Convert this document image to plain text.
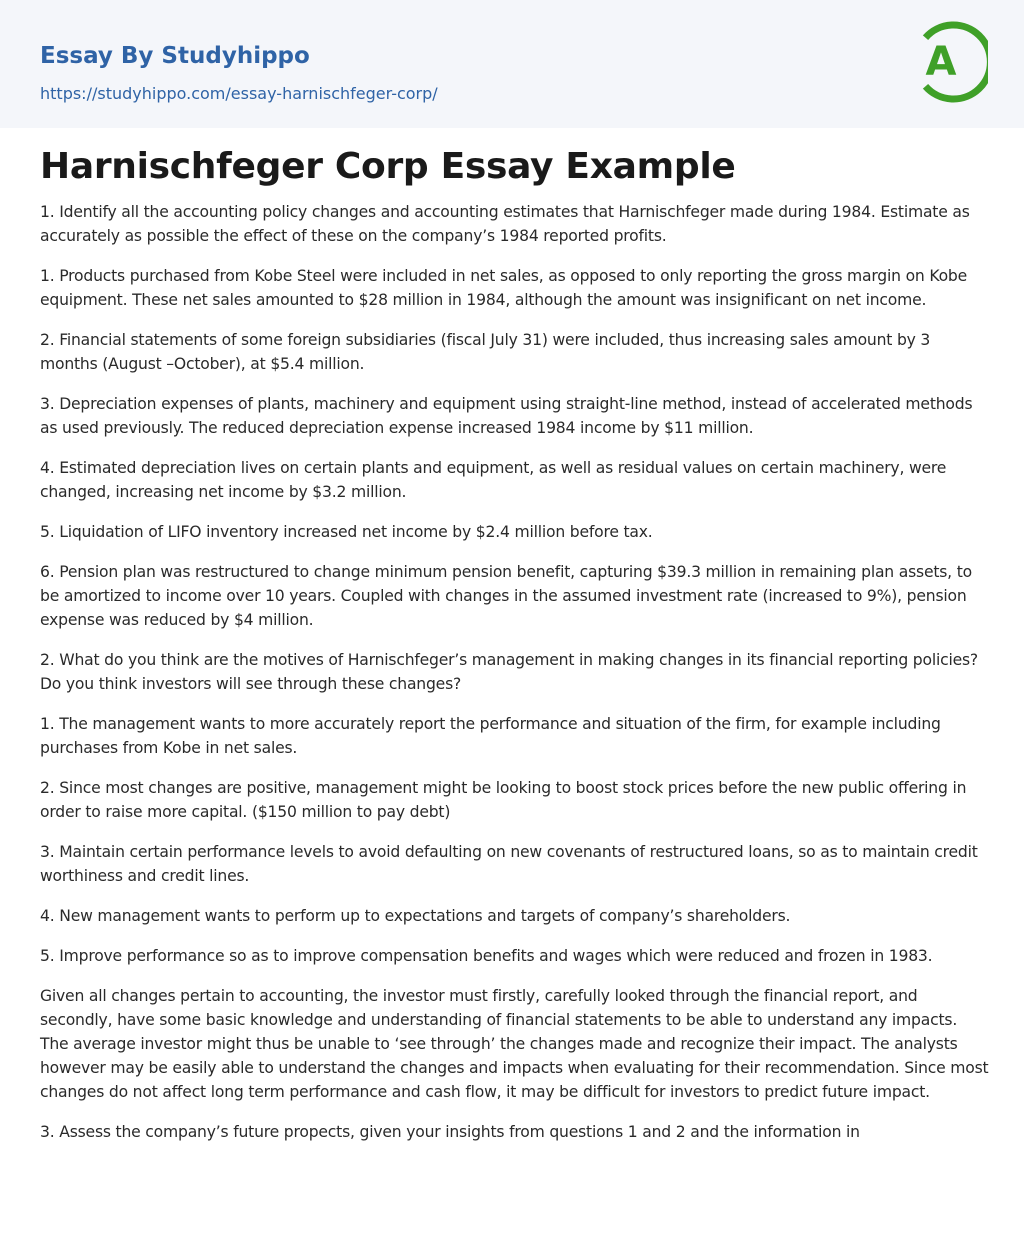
Essay By Studyhippo
https://studyhippo.com/essay-harnischfeger-corp/
A
Harnischfeger Corp Essay Example

1. Identify all the accounting policy changes and accounting estimates that Harnischfeger made during 1984. Estimate as accurately as possible the effect of these on the company’s 1984 reported profits.

1. Products purchased from Kobe Steel were included in net sales, as opposed to only reporting the gross margin on Kobe equipment. These net sales amounted to $28 million in 1984, although the amount was insignificant on net income.

2. Financial statements of some foreign subsidiaries (fiscal July 31) were included, thus increasing sales amount by 3 months (August –October), at $5.4 million.

3. Depreciation expenses of plants, machinery and equipment using straight-line method, instead of accelerated methods as used previously. The reduced depreciation expense increased 1984 income by $11 million.

4. Estimated depreciation lives on certain plants and equipment, as well as residual values on certain machinery, were changed, increasing net income by $3.2 million.

5. Liquidation of LIFO inventory increased net income by $2.4 million before tax.

6. Pension plan was restructured to change minimum pension benefit, capturing $39.3 million in remaining plan assets, to be amortized to income over 10 years. Coupled with changes in the assumed investment rate (increased to 9%), pension expense was reduced by $4 million.

2. What do you think are the motives of Harnischfeger’s management in making changes in its financial reporting policies? Do you think investors will see through these changes?

1. The management wants to more accurately report the performance and situation of the firm, for example including purchases from Kobe in net sales.

2. Since most changes are positive, management might be looking to boost stock prices before the new public offering in order to raise more capital. ($150 million to pay debt)

3. Maintain certain performance levels to avoid defaulting on new covenants of restructured loans, so as to maintain credit worthiness and credit lines.

4. New management wants to perform up to expectations and targets of company’s shareholders.

5. Improve performance so as to improve compensation benefits and wages which were reduced and frozen in 1983.

Given all changes pertain to accounting, the investor must firstly, carefully looked through the financial report, and secondly, have some basic knowledge and understanding of financial statements to be able to understand any impacts. The average investor might thus be unable to ‘see through’ the changes made and recognize their impact. The analysts however may be easily able to understand the changes and impacts when evaluating for their recommendation. Since most changes do not affect long term performance and cash flow, it may be difficult for investors to predict future impact.

3. Assess the company’s future propects, given your insights from questions 1 and 2 and the information in
